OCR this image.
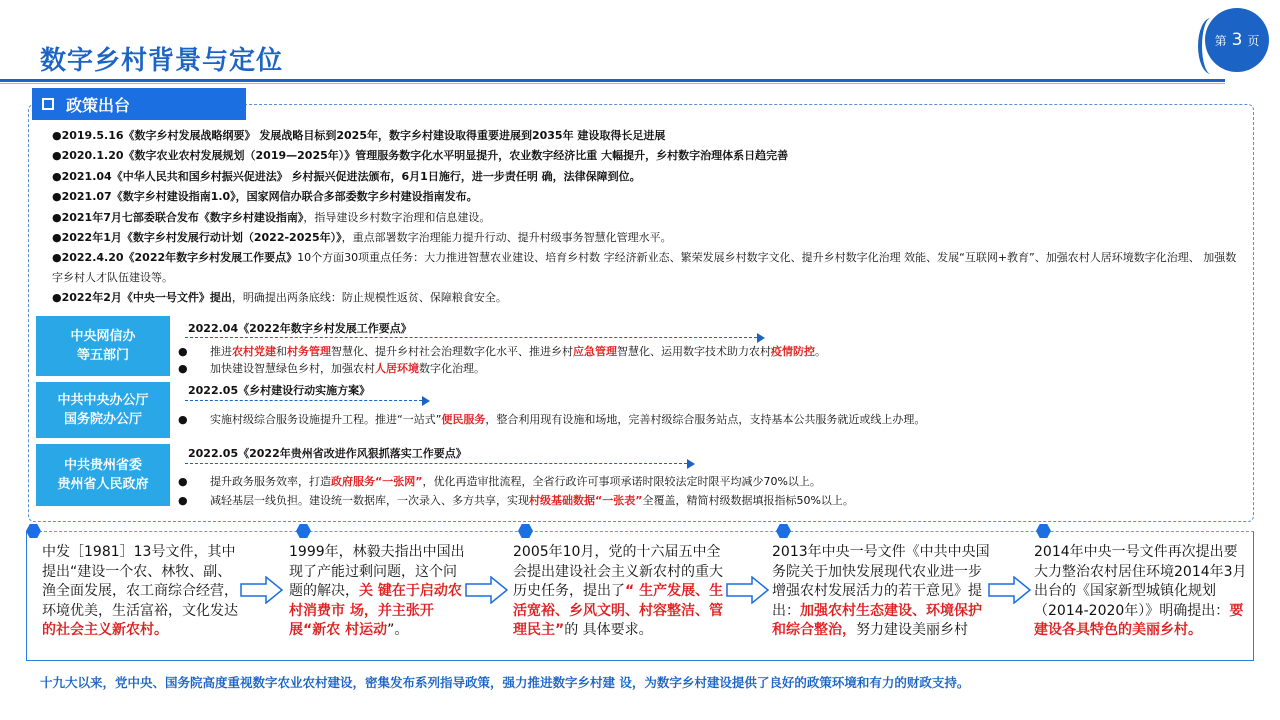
数字乡村背景与定位
第 3 页
政策出台
●2019.5.16《数字乡村发展战略纲要》 发展战略目标到2025年，数字乡村建设取得重要进展到2035年 建设取得长足进展
●2020.1.20《数字农业农村发展规划（2019—2025年）》管理服务数字化水平明显提升，农业数字经济比重 大幅提升，乡村数字治理体系日趋完善
●2021.04《中华人民共和国乡村振兴促进法》 乡村振兴促进法颁布，6月1日施行，进一步责任明 确，法律保障到位。
●2021.07《数字乡村建设指南1.0》，国家网信办联合多部委数字乡村建设指南发布。
●2021年7月七部委联合发布《数字乡村建设指南》，指导建设乡村数字治理和信息建设。
●2022年1月《数字乡村发展行动计划（2022-2025年）》，重点部署数字治理能力提升行动、提升村级事务智慧化管理水平。
●2022.4.20《2022年数字乡村发展工作要点》10个方面30项重点任务：大力推进智慧农业建设、培育乡村数 字经济新业态、繁荣发展乡村数字文化、提升乡村数字化治理 效能、发展“互联网+教育”、加强农村人居环境数字化治理、 加强数字乡村人才队伍建设等。
●2022年2月《中央一号文件》提出，明确提出两条底线：防止规模性返贫、保障粮食安全。
中央网信办
等五部门
2022.04《2022年数字乡村发展工作要点》
● 推进农村党建和村务管理智慧化、提升乡村社会治理数字化水平、推进乡村应急管理智慧化、运用数字技术助力农村疫情防控。
● 加快建设智慧绿色乡村，加强农村人居环境数字化治理。
中共中央办公厅
国务院办公厅
2022.05《乡村建设行动实施方案》
● 实施村级综合服务设施提升工程。推进“一站式”便民服务，整合利用现有设施和场地，完善村级综合服务站点，支持基本公共服务就近或线上办理。
中共贵州省委
贵州省人民政府
2022.05《2022年贵州省改进作风狠抓落实工作要点》
● 提升政务服务效率，打造政府服务“一张网”，优化再造审批流程，全省行政许可事项承诺时限较法定时限平均减少70%以上。
● 减轻基层一线负担。建设统一数据库，一次录入、多方共享，实现村级基础数据“一张表”全覆盖，精简村级数据填报指标50%以上。
中发［1981］13号文件，其中提出“建设一个农、林牧、副、渔全面发展，农工商综合经营，环境优美，生活富裕，文化发达的社会主义新农村。
1999年，林毅夫指出中国出现了产能过剩问题，这个问题的解决，关 键在于启动农村消费市 场，并主张开展“新农 村运动”。
2005年10月，党的十六届五中全会提出建设社会主义新农村的重大历史任务，提出了“ 生产发展、生活宽裕、乡风文明、村容整洁、管理民主”的 具体要求。
2013年中央一号文件《中共中央国务院关于加快发展现代农业进一步增强农村发展活力的若干意见》提出：加强农村生态建设、环境保护和综合整治，努力建设美丽乡村
2014年中央一号文件再次提出要大力整治农村居住环境2014年3月出台的《国家新型城镇化规划（2014-2020年）》明确提出：要建设各具特色的美丽乡村。
十九大以来，党中央、国务院高度重视数字农业农村建设，密集发布系列指导政策，强力推进数字乡村建 设，为数字乡村建设提供了良好的政策环境和有力的财政支持。
